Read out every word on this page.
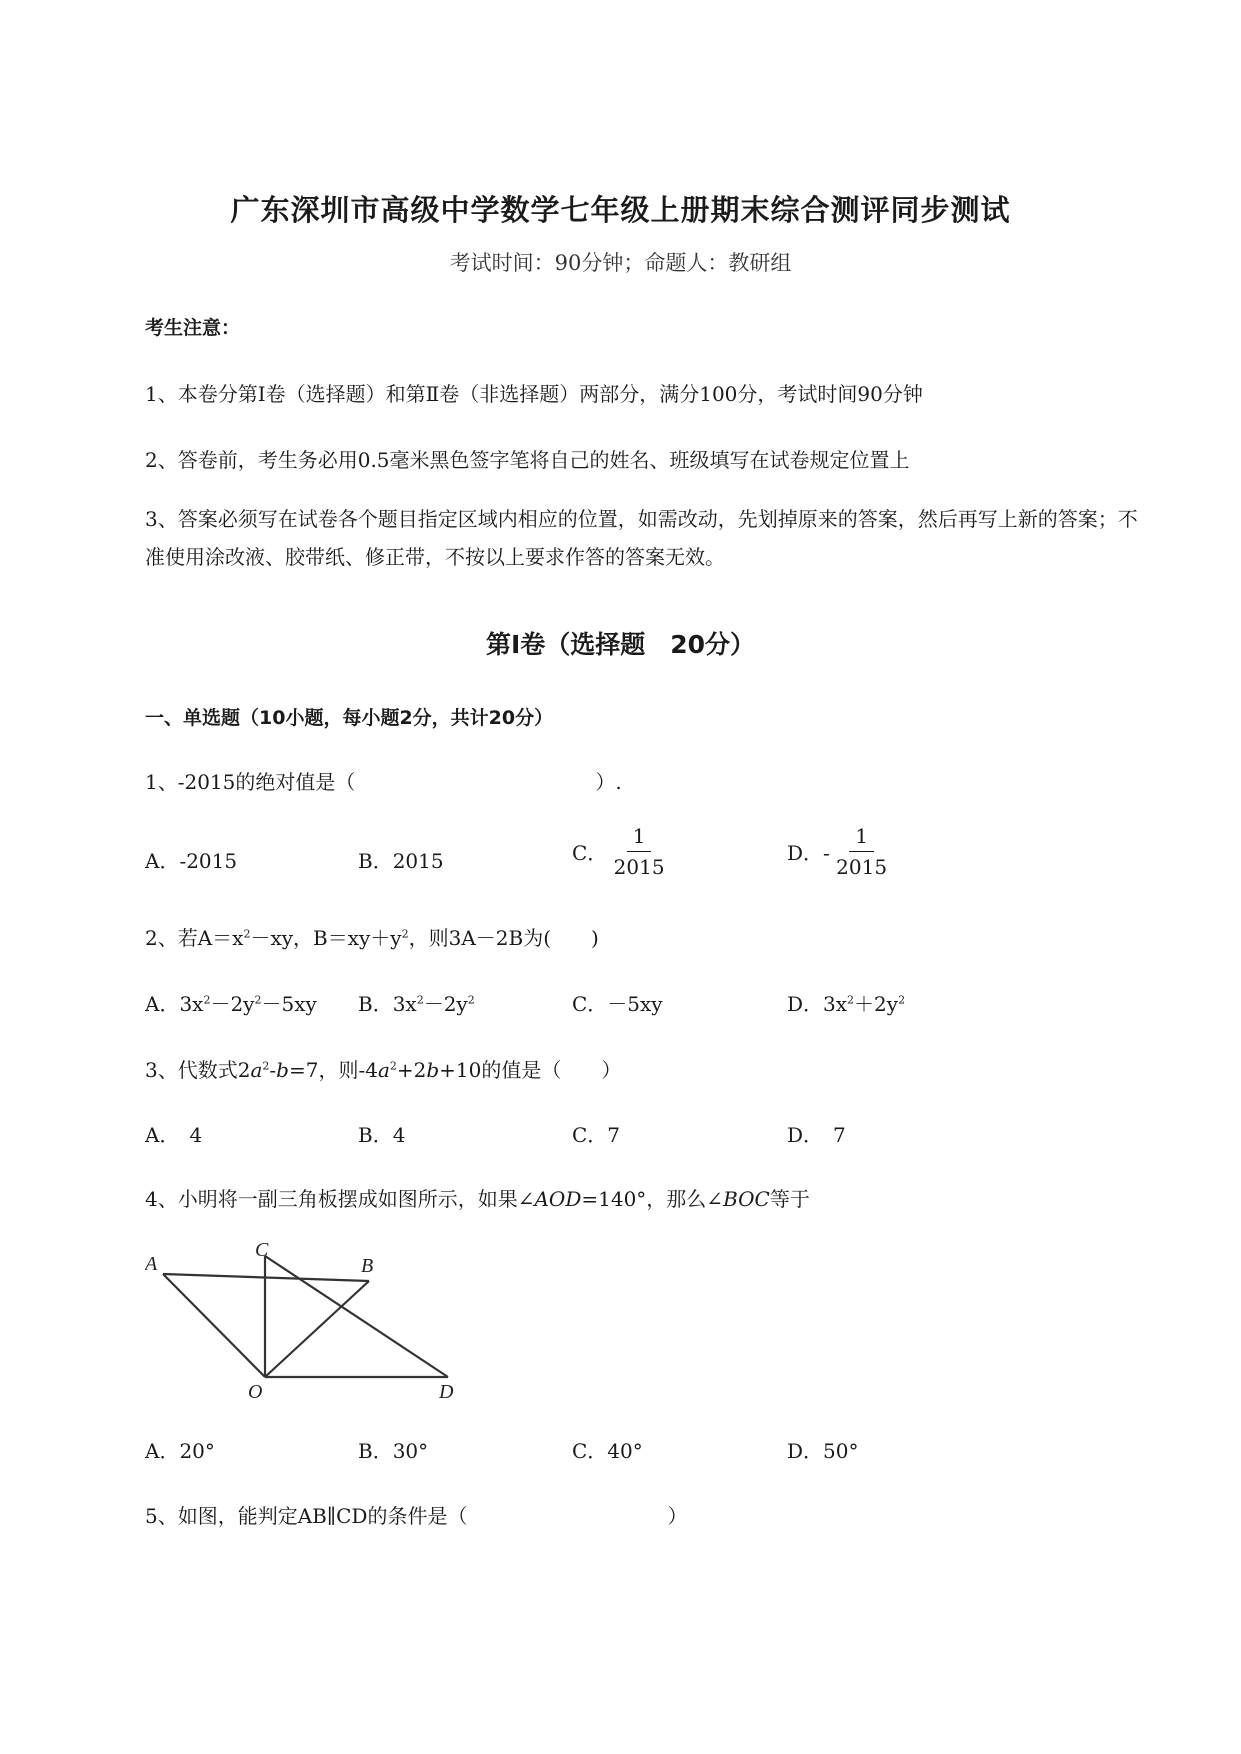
广东深圳市高级中学数学七年级上册期末综合测评同步测试
考试时间：90分钟；命题人：教研组
考生注意：
1、本卷分第I卷（选择题）和第Ⅱ卷（非选择题）两部分，满分100分，考试时间90分钟
2、答卷前，考生务必用0.5毫米黑色签字笔将自己的姓名、班级填写在试卷规定位置上
3、答案必须写在试卷各个题目指定区域内相应的位置，如需改动，先划掉原来的答案，然后再写上新的答案；不准使用涂改液、胶带纸、修正带，不按以上要求作答的答案无效。
第I卷（选择题　20分）
一、单选题（10小题，每小题2分，共计20分）
1、-2015的绝对值是（　　　　　　　　　　　　）.
A．-2015	B．2015	C． $\frac{1}{2015}$	D．- $\frac{1}{2015}$
2、若$A=x^2-xy$，$B=xy+y^2$，则3A－2B为(　　)
A．$3x^2-2y^2-5xy$ B．$3x^2-2y^2$	C．－5xy	D．$3x^2+2y^2$
3、代数式$2a^2-b=7$，则$-4a^2+2b+10$的值是（　　）
A．　4	B．4	C．7	D．　7
4、小明将一副三角板摆成如图所示，如果∠AOD=140°，那么∠BOC等于
A
C
B
O	D
A．20°	B．30°	C．40°	D．50°
5、如图，能判定AB∥CD的条件是（　　　　　　　　　　）
